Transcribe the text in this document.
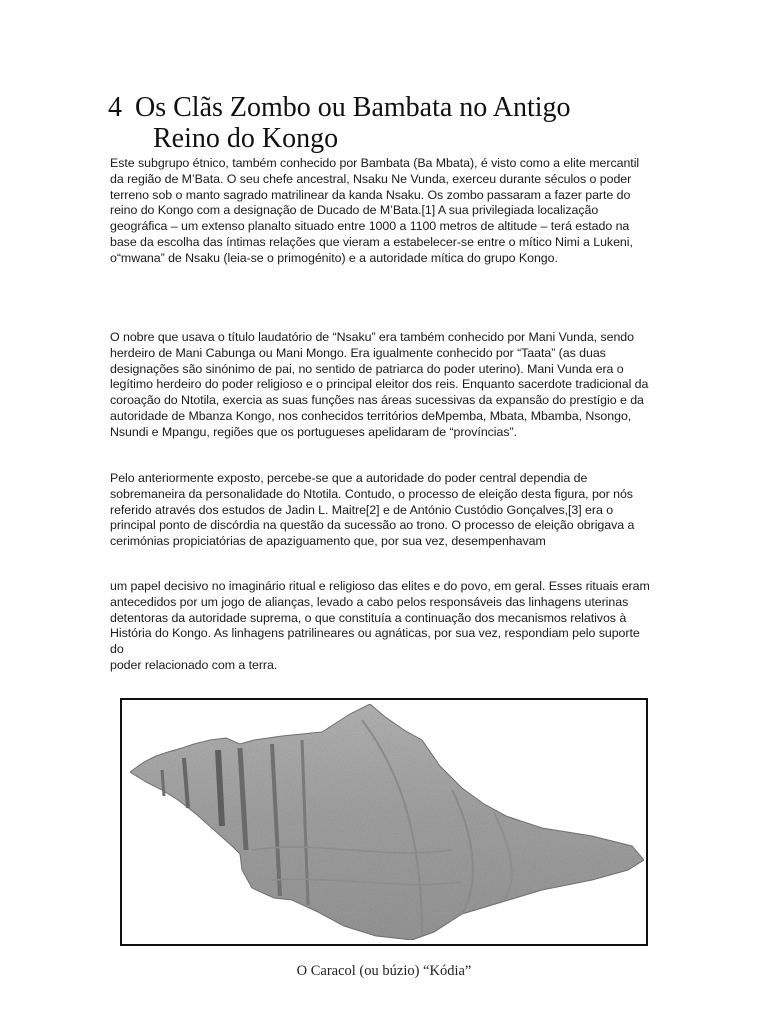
4 Os Clãs Zombo ou Bambata no Antigo
Reino do Kongo

Este subgrupo étnico, também conhecido por Bambata (Ba Mbata), é visto como a elite mercantil da região de M’Bata. O seu chefe ancestral, Nsaku Ne Vunda, exerceu durante séculos o poder terreno sob o manto sagrado matrilinear da kanda Nsaku. Os zombo passaram a fazer parte do reino do Kongo com a designação de Ducado de M’Bata.[1] A sua privilegiada localização geográfica – um extenso planalto situado entre 1000 a 1100 metros de altitude – terá estado na base da escolha das íntimas relações que vieram a estabelecer-se entre o mítico Nimi a Lukeni, o“mwana” de Nsaku (leia-se o primogénito) e a autoridade mítica do grupo Kongo.

O nobre que usava o título laudatório de “Nsaku” era também conhecido por Mani Vunda, sendo herdeiro de Mani Cabunga ou Mani Mongo. Era igualmente conhecido por “Taata” (as duas designações são sinónimo de pai, no sentido de patriarca do poder uterino). Mani Vunda era o legítimo herdeiro do poder religioso e o principal eleitor dos reis. Enquanto sacerdote tradicional da coroação do Ntotila, exercia as suas funções nas áreas sucessivas da expansão do prestígio e da autoridade de Mbanza Kongo, nos conhecidos territórios deMpemba, Mbata, Mbamba, Nsongo, Nsundi e Mpangu, regiões que os portugueses apelidaram de “províncias”.

Pelo anteriormente exposto, percebe-se que a autoridade do poder central dependia de sobremaneira da personalidade do Ntotila. Contudo, o processo de eleição desta figura, por nós referido através dos estudos de Jadin L. Maitre[2] e de António Custódio Gonçalves,[3] era o principal ponto de discórdia na questão da sucessão ao trono. O processo de eleição obrigava a cerimónias propiciatórias de apaziguamento que, por sua vez, desempenhavam

um papel decisivo no imaginário ritual e religioso das elites e do povo, em geral. Esses rituais eram antecedidos por um jogo de alianças, levado a cabo pelos responsáveis das linhagens uterinas detentoras da autoridade suprema, o que constituía a continuação dos mecanismos relativos à História do Kongo. As linhagens patrilineares ou agnáticas, por sua vez, respondiam pelo suporte do
poder relacionado com a terra.

O Caracol (ou búzio) “Kódia”
